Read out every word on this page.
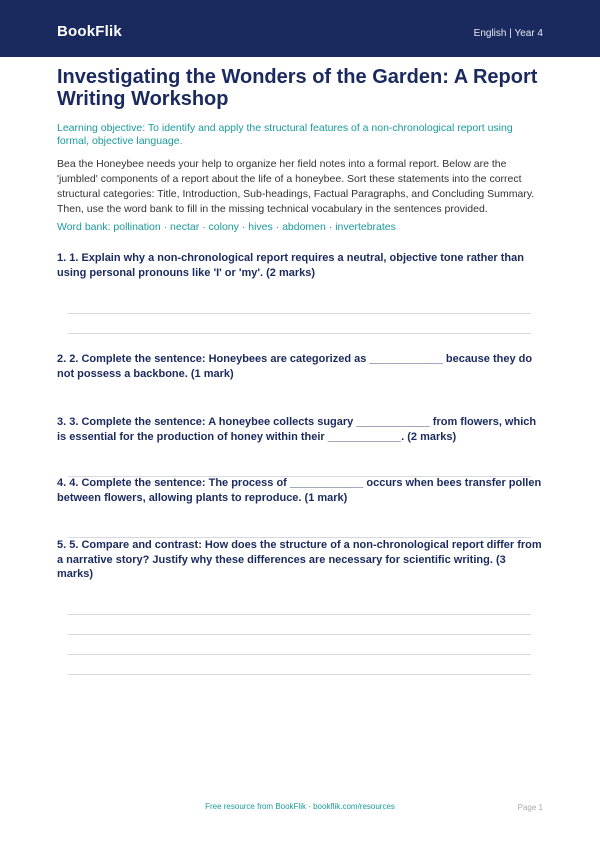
BookFlik	English | Year 4
Investigating the Wonders of the Garden: A Report Writing Workshop
Learning objective: To identify and apply the structural features of a non-chronological report using formal, objective language.
Bea the Honeybee needs your help to organize her field notes into a formal report. Below are the 'jumbled' components of a report about the life of a honeybee. Sort these statements into the correct structural categories: Title, Introduction, Sub-headings, Factual Paragraphs, and Concluding Summary. Then, use the word bank to fill in the missing technical vocabulary in the sentences provided.
Word bank: pollination · nectar · colony · hives · abdomen · invertebrates
1. 1. Explain why a non-chronological report requires a neutral, objective tone rather than using personal pronouns like 'I' or 'my'. (2 marks)
2. 2. Complete the sentence: Honeybees are categorized as ____________ because they do not possess a backbone. (1 mark)
3. 3. Complete the sentence: A honeybee collects sugary ____________ from flowers, which is essential for the production of honey within their ____________. (2 marks)
4. 4. Complete the sentence: The process of ____________ occurs when bees transfer pollen between flowers, allowing plants to reproduce. (1 mark)
5. 5. Compare and contrast: How does the structure of a non-chronological report differ from a narrative story? Justify why these differences are necessary for scientific writing. (3 marks)
Free resource from BookFlik · bookflik.com/resources	Page 1
